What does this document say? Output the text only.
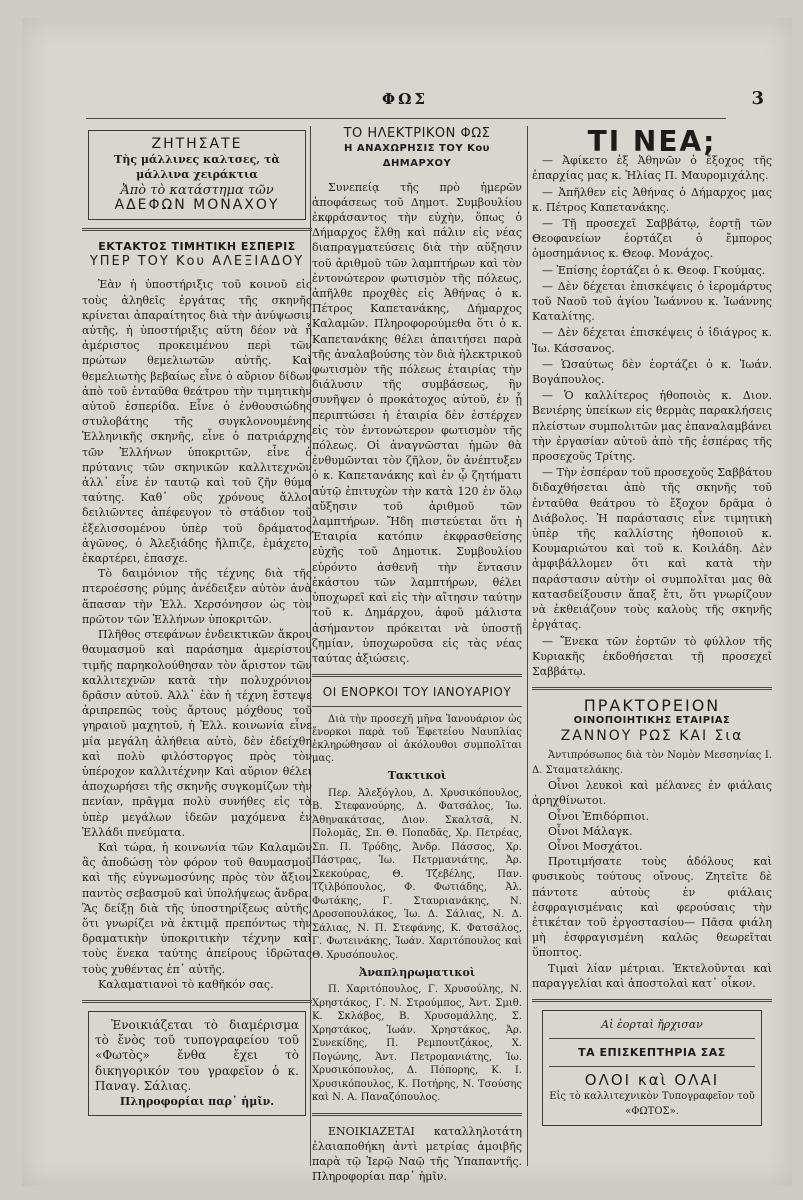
ΦΩΣ	3
ΖΗΤΗΣΑΤΕ

Τὴς μάλλινες καλτσες, τὰ

μάλλινα χειράκτια

Ἀπὸ τὸ κατάστημα τῶν

ΑΔΕΦΩΝ ΜΟΝΑΧΟΥ
ΕΚΤΑΚΤΟΣ ΤΙΜΗΤΙΚΗ ΕΣΠΕΡΙΣ
ΥΠΕΡ ΤΟΥ Κου ΑΛΕΞΙΑΔΟΥ

Ἐὰν ἡ ὑποστήριξις τοῦ κοινοῦ εἰς τοὺς ἀληθεῖς ἐργάτας τῆς σκηνῆς κρίνεται ἀπαραίτητος διὰ τὴν ἀνύψωσιν αὐτῆς, ἡ ὑποστήριξις αὕτη δέον νὰ ἦ ἀμέριστος προκειμένου περὶ τῶν πρώτων θεμελιωτῶν αὐτῆς. Καὶ θεμελιωτὴς βεβαίως εἶνε ὁ αὔριον δίδων ἀπὸ τοῦ ἐνταῦθα θεάτρου τὴν τιμητικὴν αὐτοῦ ἑσπερίδα. Εἶνε ὁ ἐνθουσιώδης στυλοβάτης τῆς συγκλονουμένης Ἑλληνικῆς σκηνῆς, εἶνε ὁ πατριάρχης τῶν Ἑλλήνων ὑποκριτῶν, εἶνε ὁ πρύτανις τῶν σκηνικῶν καλλιτεχνῶν ἀλλ᾽ εἶνε ἐν ταυτῷ καὶ τοῦ ζῆν θύμα ταύτης. Καθ᾽ οὓς χρόνους ἄλλοι δειλιῶντες ἀπέφευγον τὸ στάδιον τοῦ ἐξελισσομένου ὑπὲρ τοῦ δράματος ἀγῶνος, ὁ Ἀλεξιάδης ἤλπιζε, ἐμάχετο, ἐκαρτέρει, ἐπασχε.

Τὸ δαιμόνιον τῆς τέχνης διὰ τῆς πτεροέσσης ρύμης ἀνέδειξεν αὐτὸν ἀνὰ ἅπασαν τὴν Ἑλλ. Χερσόνησον ὡς τὸν πρῶτον τῶν Ἑλλήνων ὑποκριτῶν.

Πλῆθος στεφάνων ἐνδεικτικῶν ἄκρου θαυμασμοῦ καὶ παράσημα ἀμερίστου τιμῆς παρηκολούθησαν τὸν ἄριστον τῶν καλλιτεχνῶν κατὰ τὴν πολυχρόνιον δρᾶσιν αὐτοῦ. Ἀλλ᾽ ἐὰν ἡ τέχνη ἔστεψε ἀριπρεπῶς τοὺς ἄρτους μόχθους τοῦ γηραιοῦ μαχητοῦ, ἡ Ἑλλ. κοινωνία εἶνε μία μεγάλη ἀλήθεια αὐτὸ, δὲν ἐδείχθη καὶ πολὺ φιλόστοργος πρὸς τὸν ὑπέροχον καλλιτέχνην Καὶ αὔριον θέλει ἀποχωρήσει τῆς σκηνῆς συγκομίζων τὴν πενίαν, πρᾶγμα πολὺ συνήθες εἰς τὰ ὑπὲρ μεγάλων ἰδεῶν μαχόμενα ἐν Ἑλλάδι πνεύματα.

Καὶ τώρα, ἡ κοινωνία τῶν Καλαμῶν ἂς ἀποδώσῃ τὸν φόρον τοῦ θαυμασμοῦ καὶ τῆς εὐγνωμοσύνης πρὸς τὸν ἄξιον παντὸς σεβασμοῦ καὶ ὑπολήψεως ἄνδρα. Ἂς δείξῃ διὰ τῆς ὑποστηρίξεως αὐτῆς, ὅτι γνωρίζει νὰ ἐκτιμᾷ πρεπόντως τὴν δραματικὴν ὑποκριτικὴν τέχνην καὶ τοὺς ἕνεκα ταύτης ἀπείρους ἱδρῶτας τοὺς χυθέντας ἐπ᾽ αὐτῆς.

Καλαματιανοὶ τὸ καθῆκόν σας.

Ἐνοικιάζεται τὸ διαμέρισμα τὸ ἔνὸς τοῦ τυπογραφείου τοῦ «Φωτὸς» ἔνθα ἔχει τὸ δικηγορικόν του γραφεῖον ὁ κ. Παναγ. Σάλιας.

Πληροφορίαι παρ᾽ ἡμῖν.

ΤΟ ΗΛΕΚΤΡΙΚΟΝ ΦΩΣ
Η ΑΝΑΧΩΡΗΣΙΣ ΤΟΥ Κου ΔΗΜΑΡΧΟΥ

Συνεπείᾳ τῆς πρὸ ἡμερῶν ἀποφάσεως τοῦ Δημοτ. Συμβουλίου ἐκφράσαντος τὴν εὐχὴν, ὅπως ὁ Δήμαρχος ἔλθῃ καὶ πάλιν εἰς νέας διαπραγματεύσεις διὰ τὴν αὔξησιν τοῦ ἀριθμοῦ τῶν λαμπτήρων καὶ τὸν ἐντονώτερον φωτισμὸν τῆς πόλεως, ἀπῆλθε προχθὲς εἰς Ἀθήνας ὁ κ. Πέτρος Καπετανάκης, Δήμαρχος Καλαμῶν. Πληροφορούμεθα ὅτι ὁ κ. Καπετανάκης θέλει ἀπαιτήσει παρὰ τῆς ἀναλαβούσης τὸν διὰ ἠλεκτρικοῦ φωτισμὸν τῆς πόλεως ἑταιρίας τὴν διάλυσιν τῆς συμβάσεως, ἣν συνῆψεν ὁ προκάτοχος αὐτοῦ, ἐν ᾗ περιπτώσει ἡ ἑταιρία δὲν ἐστέρχεν εἰς τὸν ἐντονώτερον φωτισμὸν τῆς πόλεως. Οἱ ἀναγνῶσται ἡμῶν θὰ ἐνθυμῶνται τὸν ζῆλον, ὃν ἀνέπτυξεν ὁ κ. Καπετανάκης καὶ ἐν ᾧ ζητήματι αὐτῷ ἐπιτυχὼν τὴν κατὰ 120 ἐν ὅλῳ αὔξησιν τοῦ ἀριθμοῦ τῶν λαμπτήρων. Ἤδη πιστεύεται ὅτι ἡ Ἑταιρία κατόπιν ἐκφρασθείσης εὐχῆς τοῦ Δημοτικ. Συμβουλίου εὑρόντο ἀσθενῆ τὴν ἔντασιν ἑκάστου τῶν λαμπτήρων, θέλει ὑποχωρεῖ καὶ εἰς τὴν αἴτησιν ταύτην τοῦ κ. Δημάρχου, ἀφοῦ μάλιστα ἀσήμαντον πρόκειται νὰ ὑποστῇ ζημίαν, ὑποχωροῦσα εἰς τὰς νέας ταύτας ἀξιώσεις.

ΟΙ ΕΝΟΡΚΟΙ ΤΟΥ ΙΑΝΟΥΑΡΙΟΥ

Διὰ τὴν προσεχῆ μῆνα Ἰανουάριον ὡς ἔνορκοι παρὰ τοῦ Ἐφετείου Ναυπλίας ἐκληρώθησαν οἱ ἀκόλουθοι συμπολῖται μας.

Τακτικοὶ

Περ. Ἀλεξόγλου, Δ. Χρυσικόπουλος, Β. Στεφανούρης, Δ. Φατσάλος, Ἰω. Ἀθηνακάτσας, Διον. Σκαλτσᾶ, Ν. Πολομᾶς, Σπ. Θ. Ποπαδᾶς, Χρ. Πετρέας, Σπ. Π. Τρόδης, Ἀνδρ. Πάσσος, Χρ. Πάστρας, Ἰω. Πετρμανιάτης, Ἀρ. Σκεκούρας, Θ. Τζεβέλης, Παν. Τζιλβόπουλος, Φ. Φωτιάδης, Ἀλ. Φωτάκης, Γ. Σταυριανάκης, Ν. Δροσοπουλάκος, Ἰω. Δ. Σάλιας, Ν. Δ. Σάλιας, Ν. Π. Στεφάνης, Κ. Φατσάλος, Γ. Φωτεινάκης, Ἰωάν. Χαριτόπουλος καὶ Θ. Χρυσόπουλος.

Ἀναπληρωματικοὶ

Π. Χαριτόπουλος, Γ. Χρυσούλης, Ν. Χρηστάκος, Γ. Ν. Στρούμπος, Ἀντ. Σμιθ. Κ. Σκλάβος, Β. Χρυσομάλλης, Σ. Χρηστάκος, Ἰωάν. Χρηστάκος, Ἀρ. Συνεκίδης, Π. Ρεμπουτζάκος, Χ. Πογώνης, Ἀντ. Πετρομανιάτης, Ἰω. Χρυσικόπουλος, Δ. Πόπορης, Κ. Ι. Χρυσικόπουλος, Κ. Ποτήρης, Ν. Τσούσης καὶ Ν. Α. Παναζόπουλος.

ΕΝΟΙΚΙΑΖΕΤΑΙ καταλληλοτάτη ἐλαιαποθήκη ἀντὶ μετρίας ἀμοιβῆς παρὰ τῷ Ἱερῷ Ναῷ τῆς Ὑπαπαντῆς. Πληροφορίαι παρ᾽ ἡμῖν.

ΤΙ ΝΕΑ;

— Ἀφίκετο ἐξ Ἀθηνῶν ὁ ἔξοχος τῆς ἐπαρχίας μας κ. Ἠλίας Π. Μαυρομιχάλης.

— Ἀπῆλθεν εἰς Ἀθήνας ὁ Δήμαρχος μας κ. Πέτρος Καπετανάκης.

— Τῇ προσεχεῖ Σαββάτῳ, ἑορτῇ τῶν Θεοφανείων ἑορτάζει ὁ ἔμπορος ὁμοσημάνιος κ. Θεοφ. Μονάχος.

— Ἐπίσης ἑορτάζει ὁ κ. Θεοφ. Γκούμας.

— Δὲν δέχεται ἐπισκέψεις ὁ ἱερομάρτυς τοῦ Ναοῦ τοῦ ἁγίου Ἰωάννου κ. Ἰωάννης Καταλίτης.

— Δὲν δέχεται ἐπισκέψεις ὁ ἰδιάγρος κ. Ἰω. Κάσσανος.

— Ὡσαύτως δὲν ἑορτάζει ὁ κ. Ἰωάν. Βογάπουλος.

— Ὁ καλλίτερος ἠθοποιὸς κ. Διον. Βενιέρης ὑπείκων εἰς θερμὰς παρακλήσεις πλείστων συμπολιτῶν μας ἐπαναλαμβάνει τὴν ἐργασίαν αὐτοῦ ἀπὸ τῆς ἑσπέρας τῆς προσεχοῦς Τρίτης.

— Τὴν ἑσπέραν τοῦ προσεχοῦς Σαββάτου διδαχθήσεται ἀπὸ τῆς σκηνῆς τοῦ ἐνταῦθα θεάτρου τὸ ἔξοχον δρᾶμα ὁ Διάβολος. Ἡ παράστασις εἶνε τιμητικὴ ὑπὲρ τῆς καλλίστης ἠθοποιοῦ κ. Κουμαριώτου καὶ τοῦ κ. Κοιλάδη. Δὲν ἀμφιβάλλομεν ὅτι καὶ κατὰ τὴν παράστασιν αὐτὴν οἱ συμπολῖται μας θὰ κατασδείξουσιν ἅπαξ ἔτι, ὅτι γνωρίζουν νὰ ἐκθειάζουν τοὺς καλοὺς τῆς σκηνῆς ἐργάτας.

— Ἕνεκα τῶν ἑορτῶν τὸ φύλλον τῆς Κυριακῆς ἐκδοθήσεται τῇ προσεχεῖ Σαββάτῳ.

ΠΡΑΚΤΟΡΕΙΟΝ
ΟΙΝΟΠΟΙΗΤΙΚΗΣ ΕΤΑΙΡΙΑΣ
ΖΑΝΝΟΥ ΡΩΣ ΚΑΙ Σια

Ἀντιπρόσωπος διὰ τὸν Νομὸν Μεσσηνίας Ι. Δ. Σταματελάκης.

Οἶνοι λευκοὶ καὶ μέλανες ἐν φιάλαις ἀρηχθίνωτοι.

Οἶνοι Ἐπιδόρπιοι.

Οἶνοι Μάλαγκ.

Οἶνοι Μοσχάτοι.

Προτιμήσατε τοὺς ἀδόλους καὶ φυσικοὺς τούτους οἴνους. Ζητεῖτε δὲ πάντοτε αὐτοὺς ἐν φιάλαις ἐσφραγισμέναις καὶ φερούσαις τὴν ἐτικέταν τοῦ ἐργοστασίου— Πᾶσα φιάλη μὴ ἐσφραγισμένη καλῶς θεωρεῖται ὕποπτος.

Τιμαὶ λίαν μέτριαι. Ἐκτελοῦνται καὶ παραγγελίαι καὶ ἀποστολαὶ κατ᾽ οἶκον.

Αἱ ἑορταὶ ἤρχισαν

ΤΑ ΕΠΙΣΚΕΠΤΗΡΙΑ ΣΑΣ
ΟΛΟΙ καὶ ΟΛΑΙ

Εἰς τὸ καλλιτεχνικὸν Τυπογραφεῖον τοῦ «ΦΩΤΟΣ».
